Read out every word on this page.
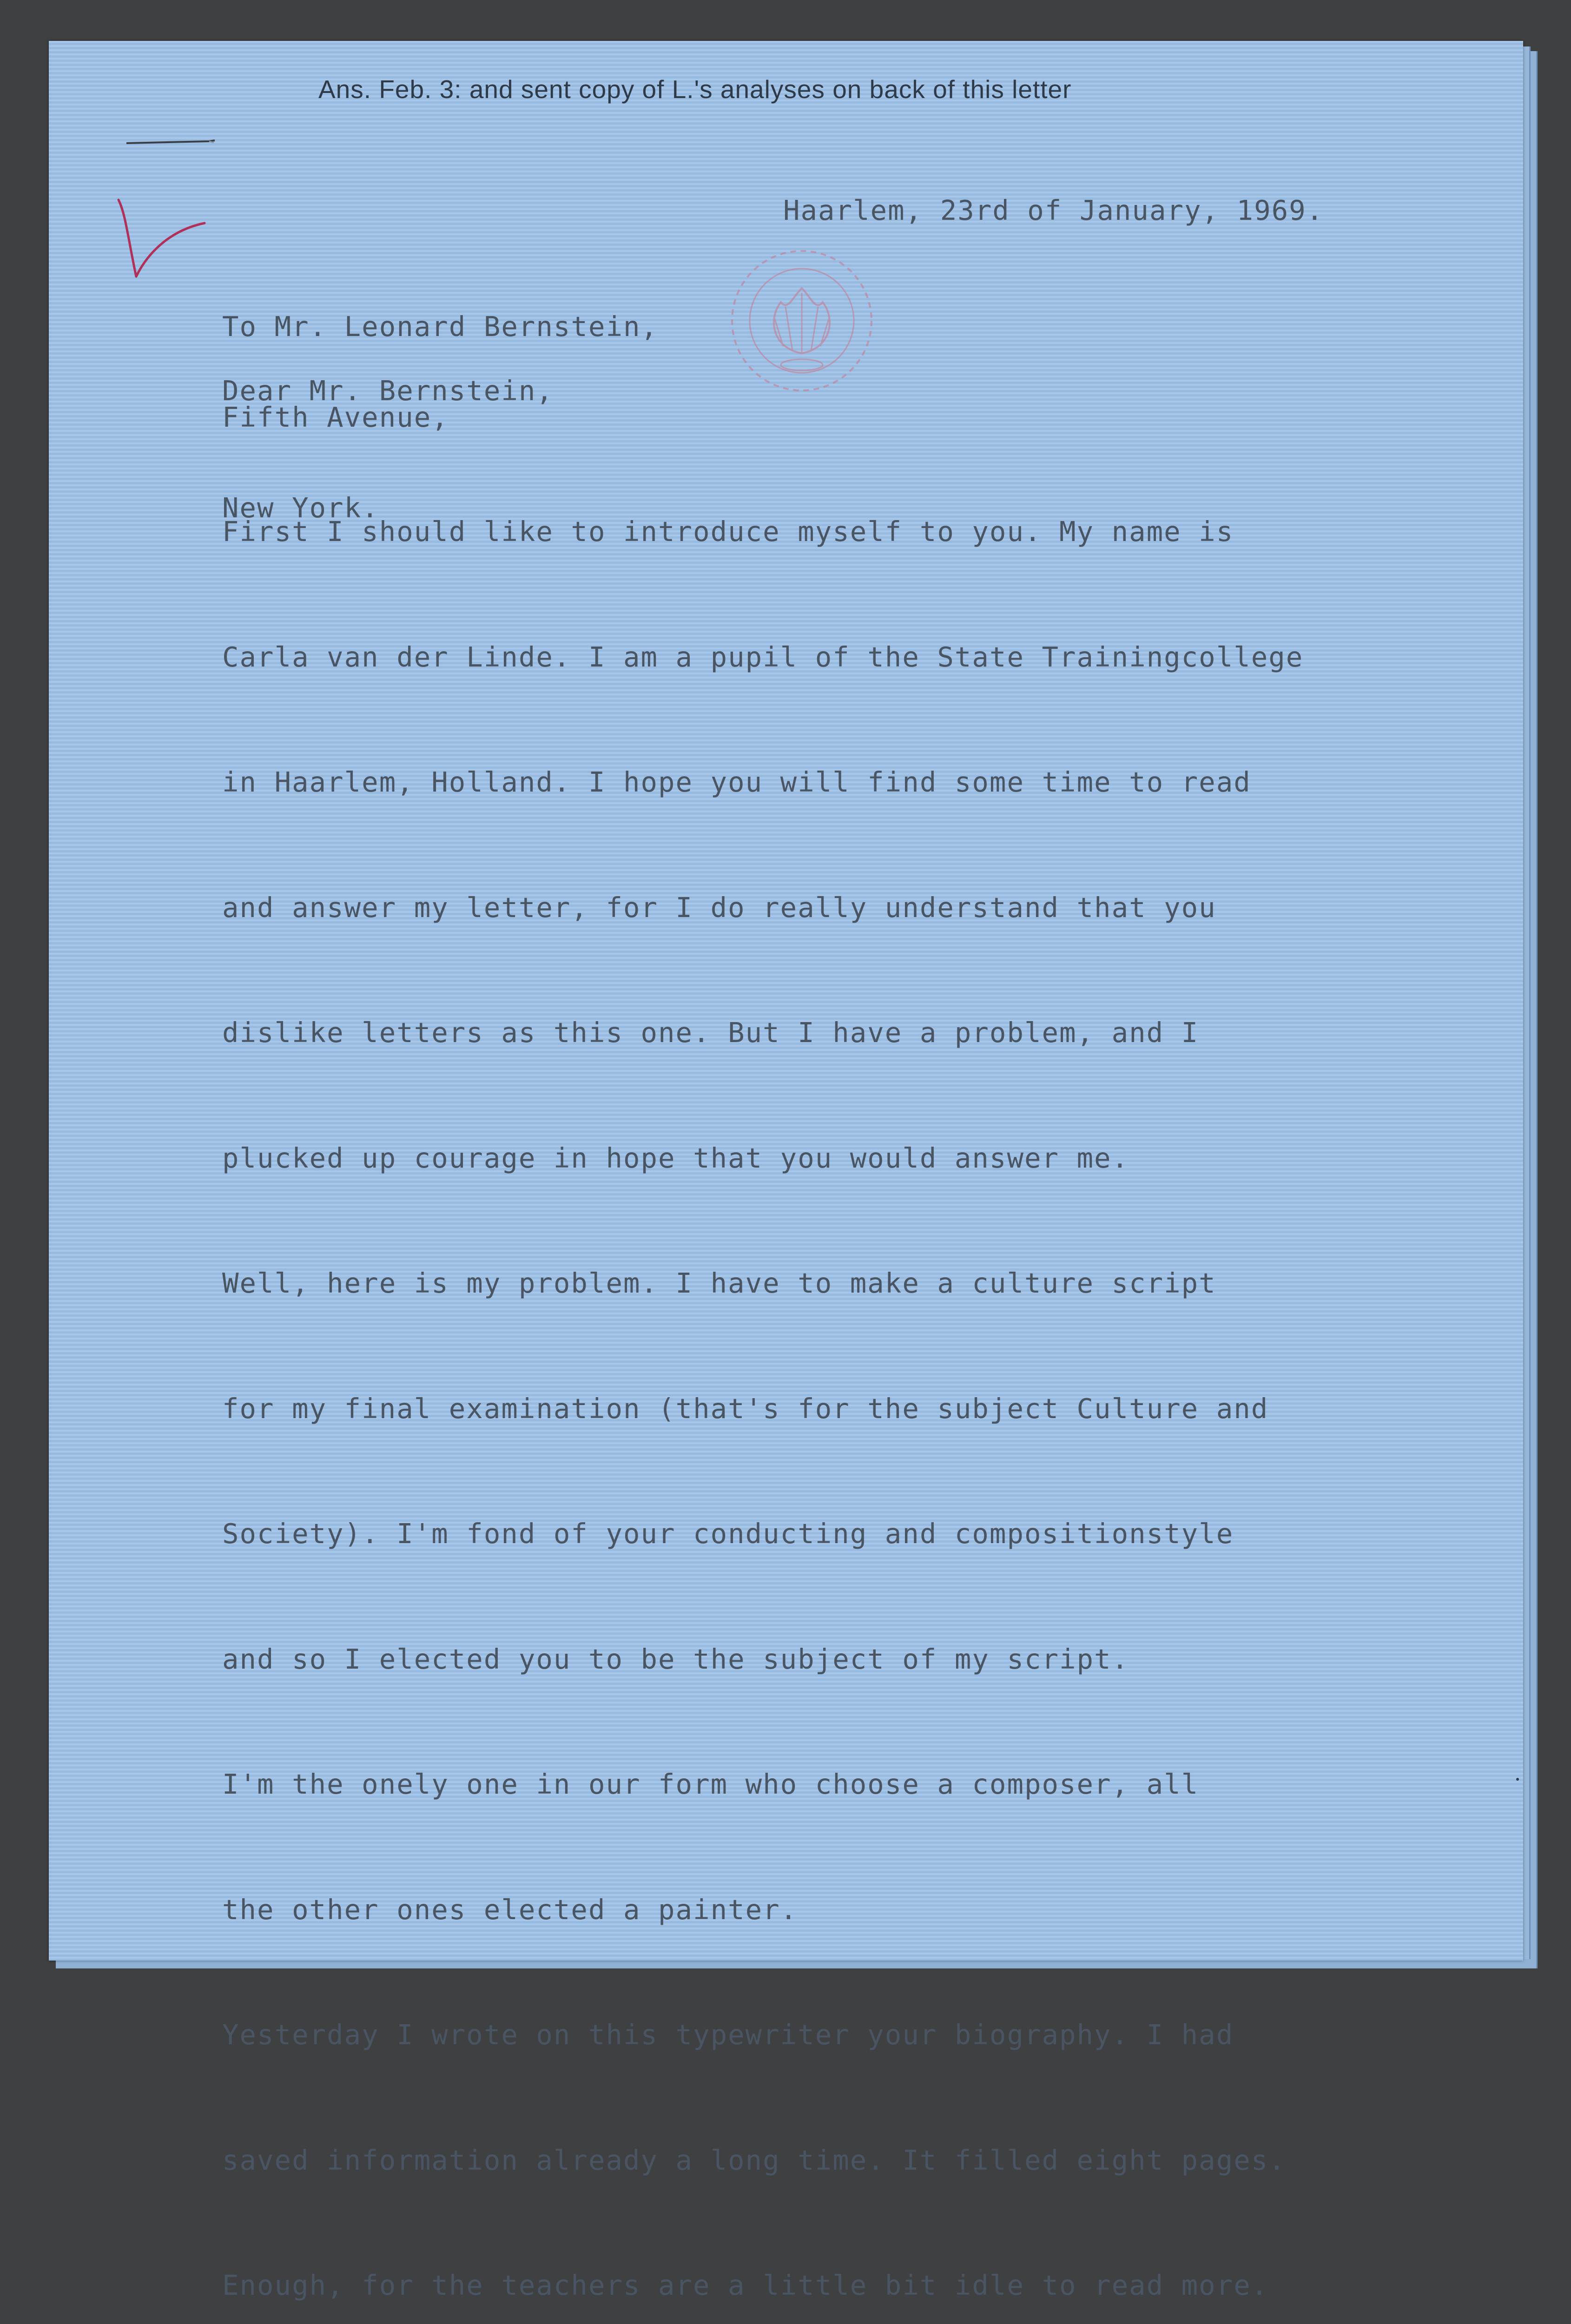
Ans. Feb. 3: and sent copy of L.'s analyses on back of this letter
Haarlem, 23rd of January, 1969.

To Mr. Leonard Bernstein,

Fifth Avenue,

New York.

Dear Mr. Bernstein,

First I should like to introduce myself to you. My name is

Carla van der Linde. I am a pupil of the State Trainingcollege

in Haarlem, Holland. I hope you will find some time to read

and answer my letter, for I do really understand that you

dislike letters as this one. But I have a problem, and I

plucked up courage in hope that you would answer me.

Well, here is my problem. I have to make a culture script

for my final examination (that's for the subject Culture and

Society). I'm fond of your conducting and compositionstyle

and so I elected you to be the subject of my script.

I'm the onely one in our form who choose a composer, all

the other ones elected a painter.

Yesterday I wrote on this typewriter your biography. I had

saved information already a long time. It filled eight pages.

Enough, for the teachers are a little bit idle to read more.
